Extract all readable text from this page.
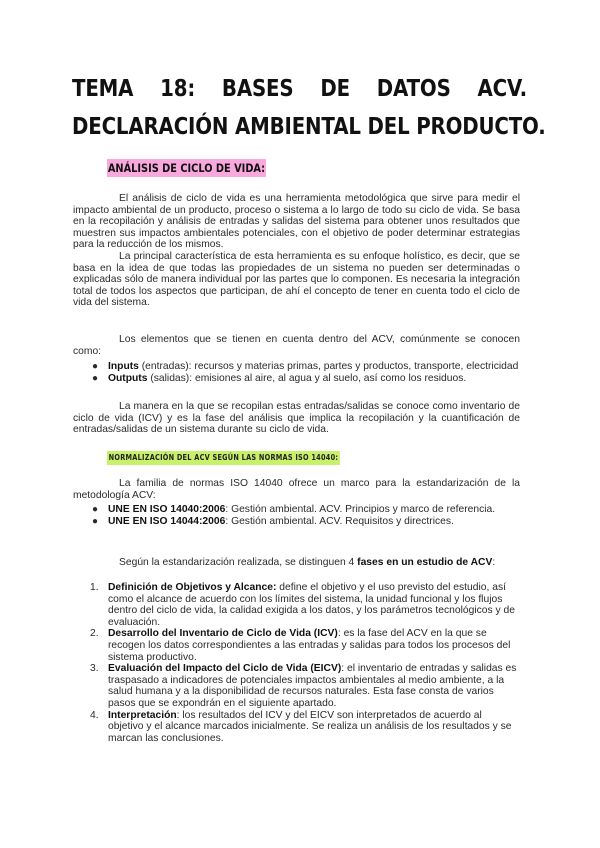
TEMA 18: BASES DE DATOS ACV.
DECLARACIÓN AMBIENTAL DEL PRODUCTO.
ANÁLISIS DE CICLO DE VIDA:

El análisis de ciclo de vida es una herramienta metodológica que sirve para medir el impacto ambiental de un producto, proceso o sistema a lo largo de todo su ciclo de vida. Se basa en la recopilación y análisis de entradas y salidas del sistema para obtener unos resultados que muestren sus impactos ambientales potenciales, con el objetivo de poder determinar estrategias para la reducción de los mismos.

La principal característica de esta herramienta es su enfoque holístico, es decir, que se basa en la idea de que todas las propiedades de un sistema no pueden ser determinadas o explicadas sólo de manera individual por las partes que lo componen. Es necesaria la integración total de todos los aspectos que participan, de ahí el concepto de tener en cuenta todo el ciclo de vida del sistema.

Los elementos que se tienen en cuenta dentro del ACV, comúnmente se conocen como:

● Inputs (entradas): recursos y materias primas, partes y productos, transporte, electricidad
● Outputs (salidas): emisiones al aire, al agua y al suelo, así como los residuos.

La manera en la que se recopilan estas entradas/salidas se conoce como inventario de ciclo de vida (ICV) y es la fase del análisis que implica la recopilación y la cuantificación de entradas/salidas de un sistema durante su ciclo de vida.

NORMALIZACIÓN DEL ACV SEGÚN LAS NORMAS ISO 14040:

La familia de normas ISO 14040 ofrece un marco para la estandarización de la metodología ACV:

● UNE EN ISO 14040:2006: Gestión ambiental. ACV. Principios y marco de referencia.
● UNE EN ISO 14044:2006: Gestión ambiental. ACV. Requisitos y directrices.

Según la estandarización realizada, se distinguen 4 fases en un estudio de ACV:

1. Definición de Objetivos y Alcance: define el objetivo y el uso previsto del estudio, así como el alcance de acuerdo con los límites del sistema, la unidad funcional y los flujos dentro del ciclo de vida, la calidad exigida a los datos, y los parámetros tecnológicos y de evaluación.
2. Desarrollo del Inventario de Ciclo de Vida (ICV): es la fase del ACV en la que se recogen los datos correspondientes a las entradas y salidas para todos los procesos del sistema productivo.
3. Evaluación del Impacto del Ciclo de Vida (EICV): el inventario de entradas y salidas es traspasado a indicadores de potenciales impactos ambientales al medio ambiente, a la salud humana y a la disponibilidad de recursos naturales. Esta fase consta de varios pasos que se expondrán en el siguiente apartado.
4. Interpretación: los resultados del ICV y del EICV son interpretados de acuerdo al objetivo y el alcance marcados inicialmente. Se realiza un análisis de los resultados y se marcan las conclusiones.
